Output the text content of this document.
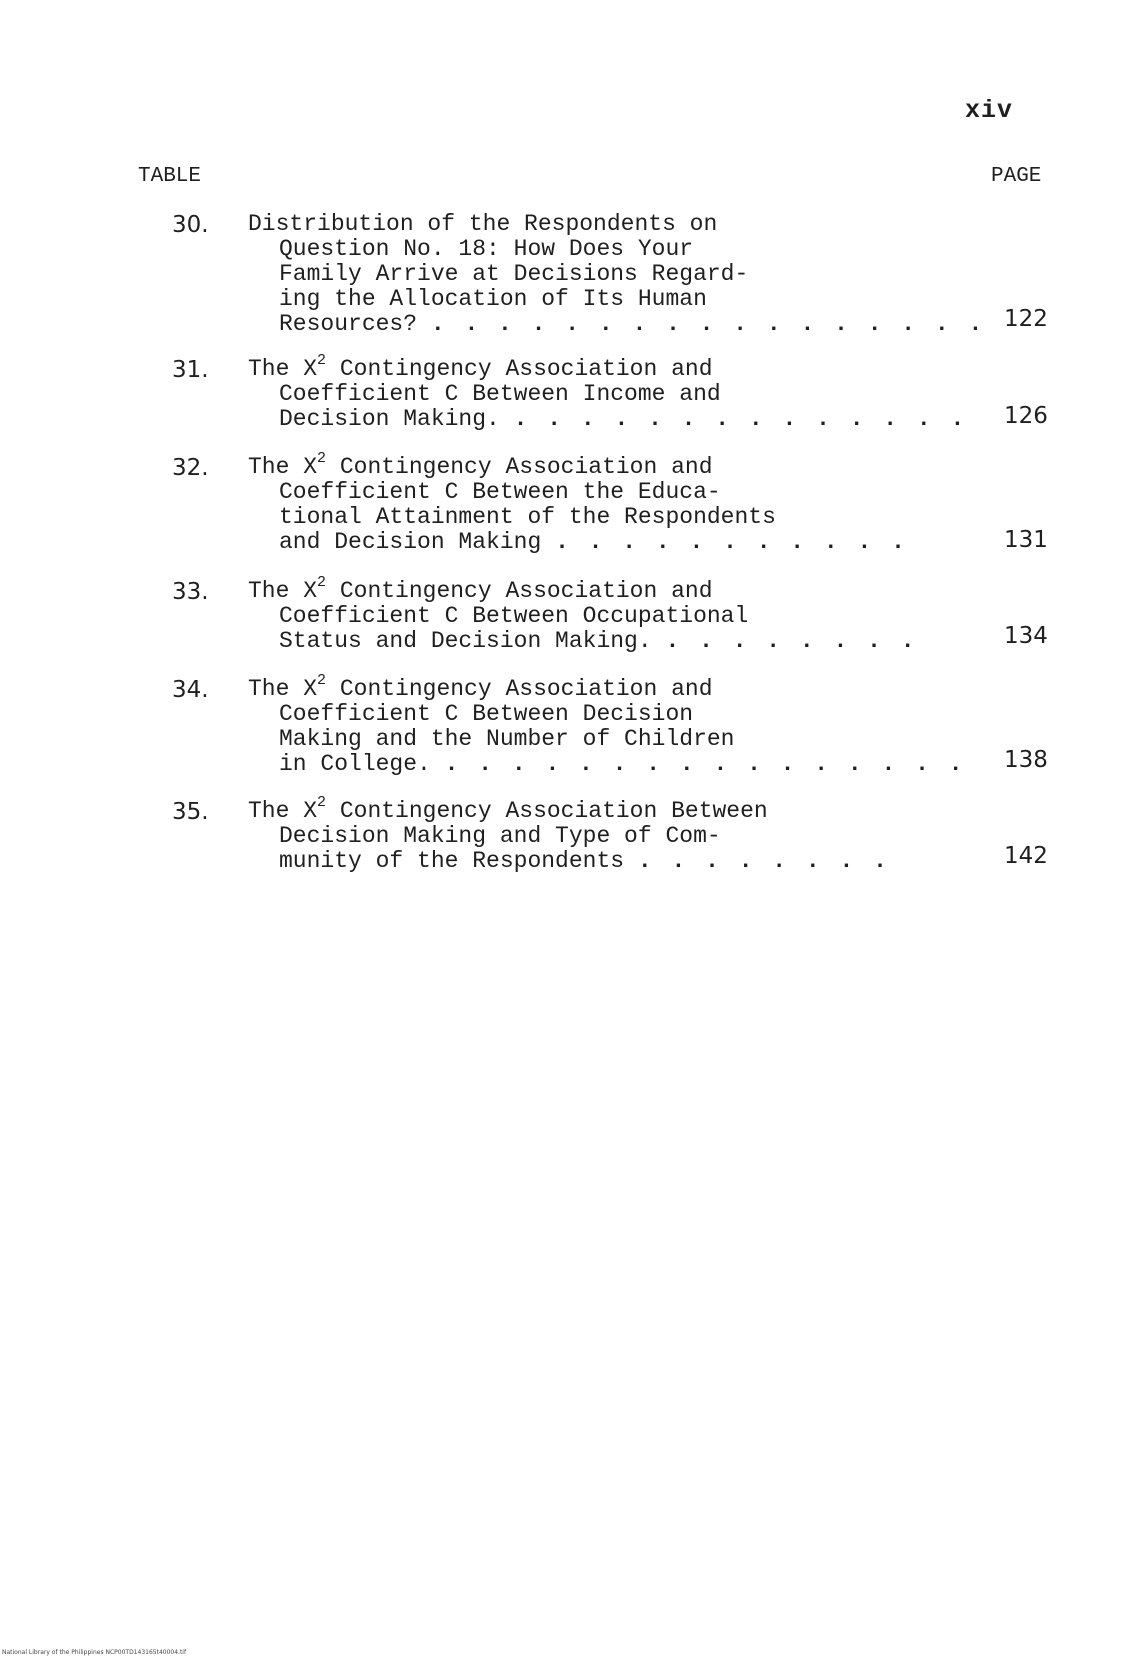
xiv
TABLE	PAGE
30. Distribution of the Respondents on
Question No. 18: How Does Your
Family Arrive at Decisions Regard-
ing the Allocation of Its Human
Resources? . . . . . . . . . . . . . . . . . 122
31. The $X^2$ Contingency Association and
Coefficient C Between Income and
Decision Making. . . . . . . . . . . . . . . 126
32. The $X^2$ Contingency Association and
Coefficient C Between the Educa-
tional Attainment of the Respondents
and Decision Making . . . . . . . . . . .	131
33. The $X^2$ Contingency Association and
Coefficient C Between Occupational
Status and Decision Making. . . . . . . . .	134
34. The $X^2$ Contingency Association and
Coefficient C Between Decision
Making and the Number of Children
in College. . . . . . . . . . . . . . . . . 138
35. The $X^2$ Contingency Association Between
Decision Making and Type of Com-
munity of the Respondents . . . . . . . .	142
National Library of the Philippines NCP00TD143165t40004.tif
